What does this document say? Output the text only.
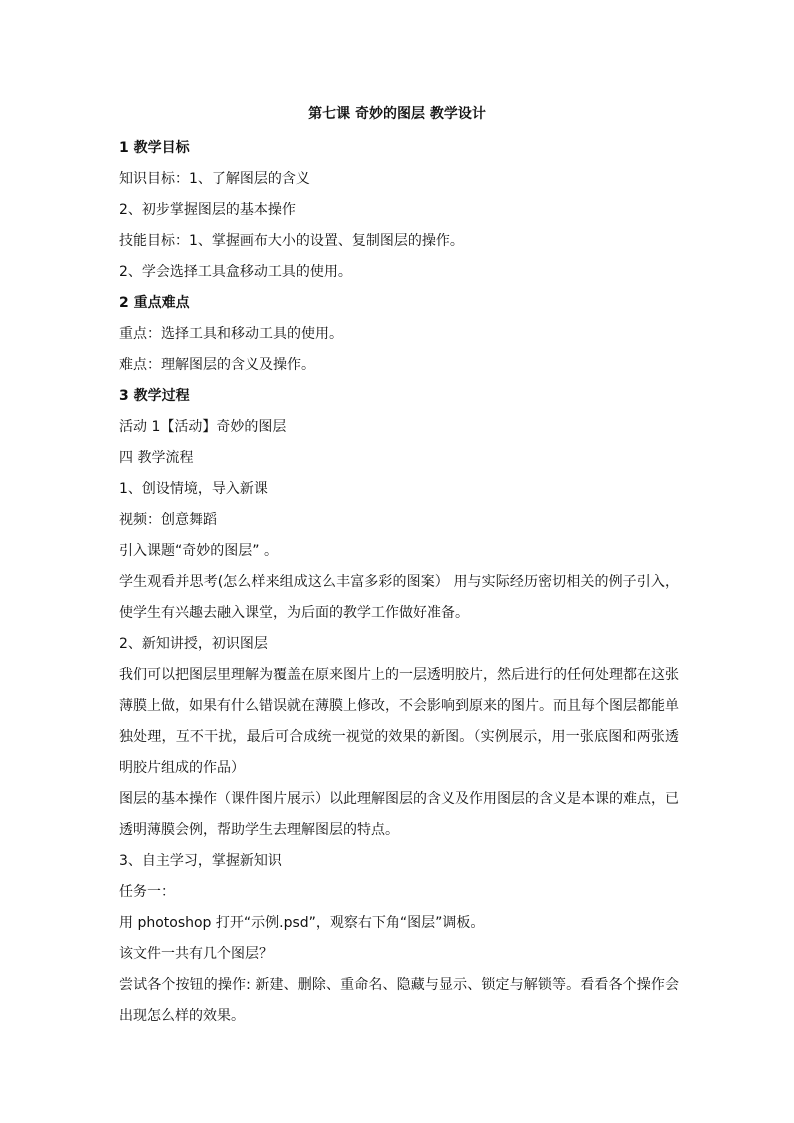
第七课 奇妙的图层 教学设计
1 教学目标
知识目标：1、了解图层的含义
2、初步掌握图层的基本操作
技能目标：1、掌握画布大小的设置、复制图层的操作。
2、学会选择工具盒移动工具的使用。
2 重点难点
重点：选择工具和移动工具的使用。
难点：理解图层的含义及操作。
3 教学过程
活动 1【活动】奇妙的图层
四 教学流程
1、创设情境，导入新课
视频：创意舞蹈
引入课题“奇妙的图层” 。
学生观看并思考(怎么样来组成这么丰富多彩的图案） 用与实际经历密切相关的例子引入，使学生有兴趣去融入课堂，为后面的教学工作做好准备。
2、新知讲授，初识图层
我们可以把图层里理解为覆盖在原来图片上的一层透明胶片，然后进行的任何处理都在这张薄膜上做，如果有什么错误就在薄膜上修改，不会影响到原来的图片。而且每个图层都能单独处理，互不干扰，最后可合成统一视觉的效果的新图。（实例展示，用一张底图和两张透明胶片组成的作品）
图层的基本操作（课件图片展示）以此理解图层的含义及作用图层的含义是本课的难点，已透明薄膜会例，帮助学生去理解图层的特点。
3、自主学习，掌握新知识
任务一：
用 photoshop 打开“示例.psd”，观察右下角“图层”调板。
该文件一共有几个图层？
尝试各个按钮的操作: 新建、删除、重命名、隐藏与显示、锁定与解锁等。看看各个操作会出现怎么样的效果。
